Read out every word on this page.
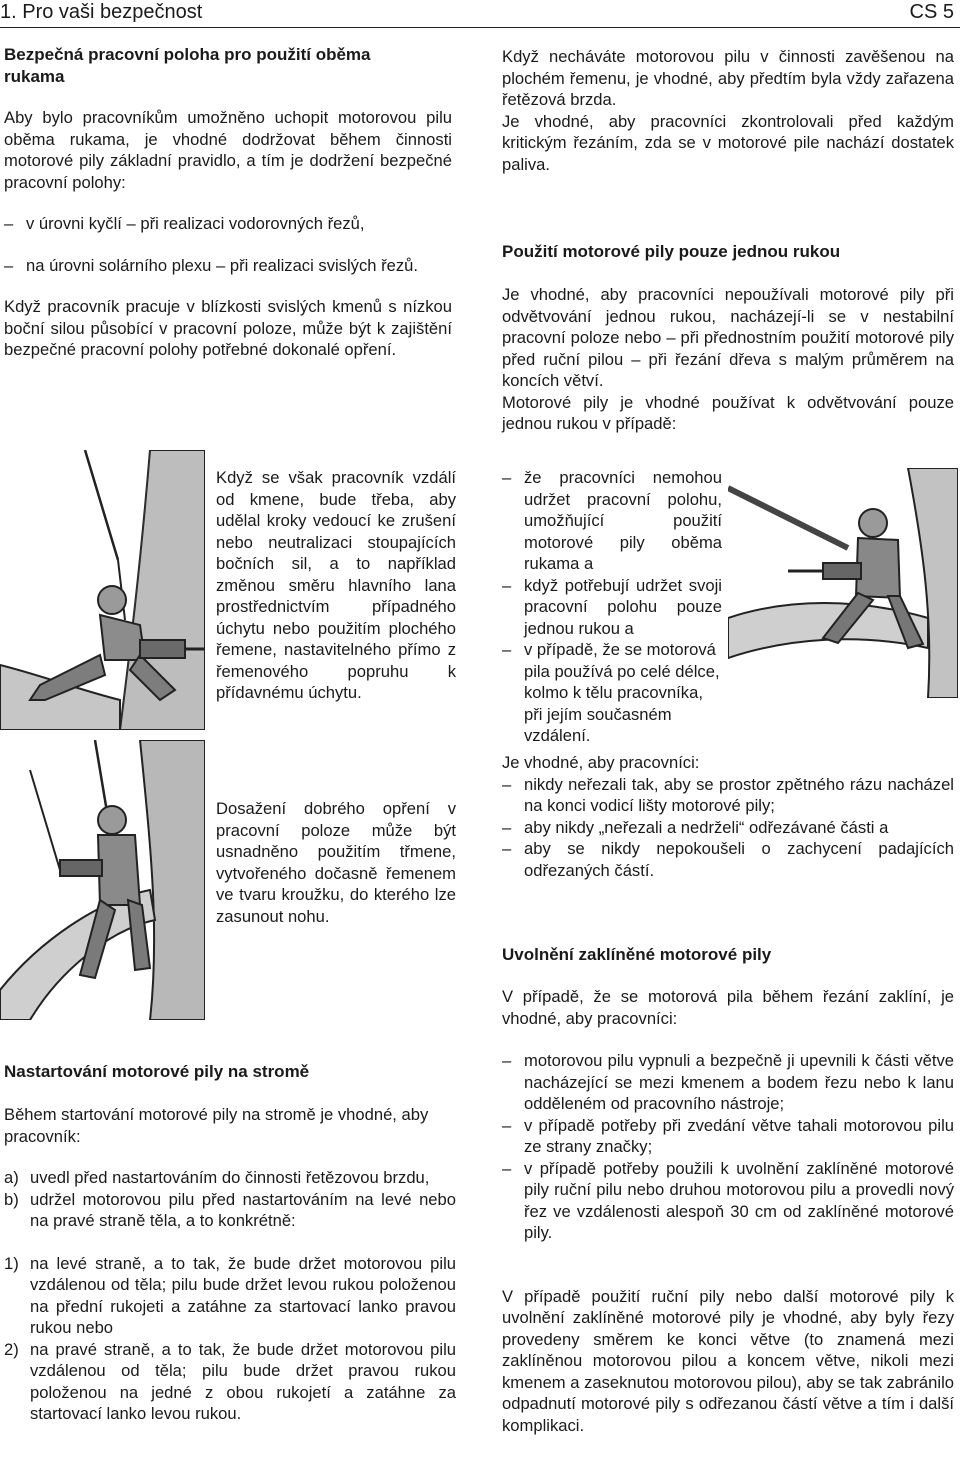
1. Pro vaši bezpečnost	CS 5

Bezpečná pracovní poloha pro použití oběma rukama

Aby bylo pracovníkům umožněno uchopit motorovou pilu oběma rukama, je vhodné dodržovat během činnosti motorové pily základní pravidlo, a tím je dodržení bezpečné pracovní polohy:

– v úrovni kyčlí – při realizaci vodorovných řezů,
– na úrovni solárního plexu – při realizaci svislých řezů.

Když pracovník pracuje v blízkosti svislých kmenů s nízkou boční silou působící v pracovní poloze, může být k zajištění bezpečné pracovní polohy potřebné dokonalé opření.

Když se však pracovník vzdálí od kmene, bude třeba, aby udělal kroky vedoucí ke zrušení nebo neutralizaci stoupajících bočních sil, a to například změnou směru hlavního lana prostřednictvím případného úchytu nebo použitím plochého řemene, nastavitelného přímo z řemenového popruhu k přídavnému úchytu.
Dosažení dobrého opření v pracovní poloze může být usnadněno použitím třmene, vytvořeného dočasně řemenem ve tvaru kroužku, do kterého lze zasunout nohu.

Nastartování motorové pily na stromě

Během startování motorové pily na stromě je vhodné, aby pracovník:

a) uvedl před nastartováním do činnosti řetězovou brzdu,
b) udržel motorovou pilu před nastartováním na levé nebo na pravé straně těla, a to konkrétně:
1) na levé straně, a to tak, že bude držet motorovou pilu vzdálenou od těla; pilu bude držet levou rukou položenou na přední rukojeti a zatáhne za startovací lanko pravou rukou nebo
2) na pravé straně, a to tak, že bude držet motorovou pilu vzdálenou od těla; pilu bude držet pravou rukou položenou na jedné z obou rukojetí a zatáhne za startovací lanko levou rukou.

Když necháváte motorovou pilu v činnosti zavěšenou na plochém řemenu, je vhodné, aby předtím byla vždy zařazena řetězová brzda.

Je vhodné, aby pracovníci zkontrolovali před každým kritickým řezáním, zda se v motorové pile nachází dostatek paliva.

Použití motorové pily pouze jednou rukou

Je vhodné, aby pracovníci nepoužívali motorové pily při odvětvování jednou rukou, nacházejí-li se v nestabilní pracovní poloze nebo – při přednostním použití motorové pily před ruční pilou – při řezání dřeva s malým průměrem na koncích větví.

Motorové pily je vhodné používat k odvětvování pouze jednou rukou v případě:

– že pracovníci nemohou udržet pracovní polohu, umožňující použití motorové pily oběma rukama a
– když potřebují udržet svoji pracovní polohu pouze jednou rukou a
– v případě, že se motorová pila používá po celé délce, kolmo k tělu pracovníka, při jejím současném vzdálení.

Je vhodné, aby pracovníci:

– nikdy neřezali tak, aby se prostor zpětného rázu nacházel na konci vodicí lišty motorové pily;
– aby nikdy „neřezali a nedrželi“ odřezávané části a
– aby se nikdy nepokoušeli o zachycení padajících odřezaných částí.

Uvolnění zaklíněné motorové pily

V případě, že se motorová pila během řezání zaklíní, je vhodné, aby pracovníci:

– motorovou pilu vypnuli a bezpečně ji upevnili k části větve nacházející se mezi kmenem a bodem řezu nebo k lanu odděleném od pracovního nástroje;
– v případě potřeby při zvedání větve tahali motorovou pilu ze strany značky;
– v případě potřeby použili k uvolnění zaklíněné motorové pily ruční pilu nebo druhou motorovou pilu a provedli nový řez ve vzdálenosti alespoň 30 cm od zaklíněné motorové pily.

V případě použití ruční pily nebo další motorové pily k uvolnění zaklíněné motorové pily je vhodné, aby byly řezy provedeny směrem ke konci větve (to znamená mezi zaklíněnou motorovou pilou a koncem větve, nikoli mezi kmenem a zaseknutou motorovou pilou), aby se tak zabránilo odpadnutí motorové pily s odřezanou částí větve a tím i další komplikaci.
